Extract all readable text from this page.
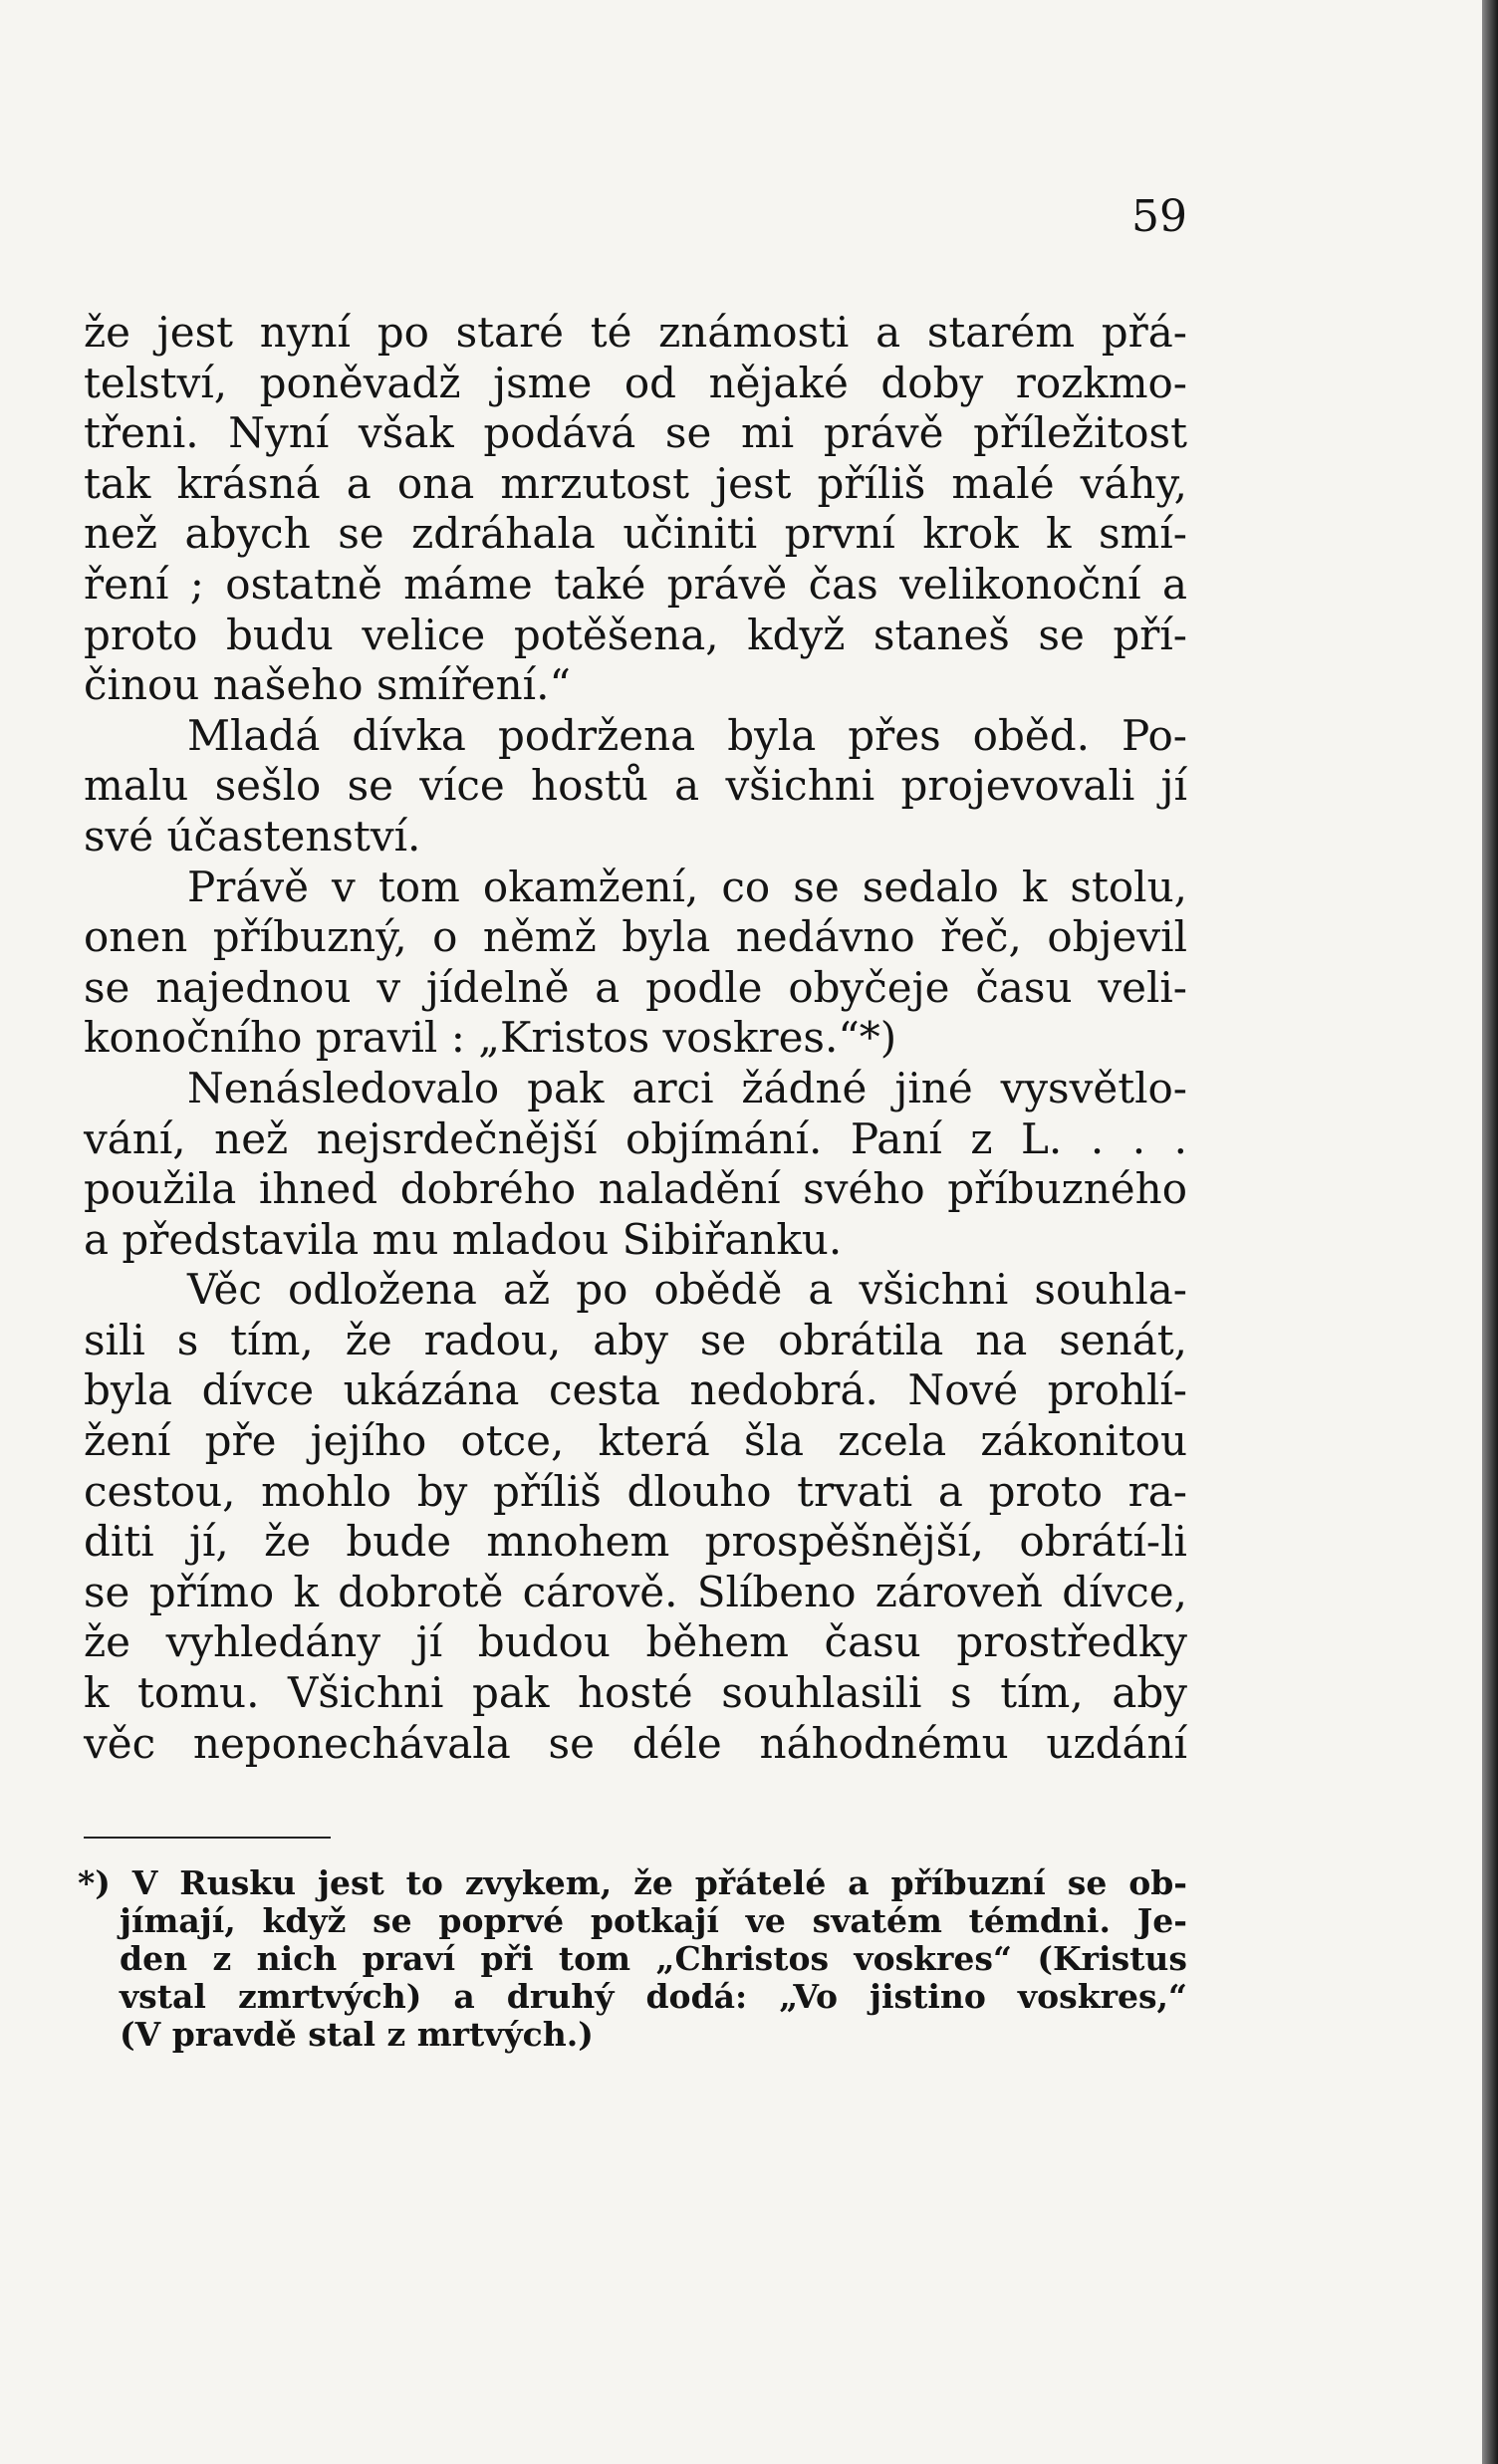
59
že jest nyní po staré té známosti a starém přá-
telství, poněvadž jsme od nějaké doby rozkmo-
třeni. Nyní však podává se mi právě příležitost
tak krásná a ona mrzutost jest příliš malé váhy,
než abych se zdráhala učiniti první krok k smí-
ření ; ostatně máme také právě čas velikonoční a
proto budu velice potěšena, když staneš se pří-
činou našeho smíření.“
Mladá dívka podržena byla přes oběd. Po-
malu sešlo se více hostů a všichni projevovali jí
své účastenství.
Právě v tom okamžení, co se sedalo k stolu,
onen příbuzný, o němž byla nedávno řeč, objevil
se najednou v jídelně a podle obyčeje času veli-
konočního pravil : „Kristos voskres.“*)
Nenásledovalo pak arci žádné jiné vysvětlo-
vání, než nejsrdečnější objímání. Paní z L. . . .
použila ihned dobrého naladění svého příbuzného
a představila mu mladou Sibiřanku.
Věc odložena až po obědě a všichni souhla-
sili s tím, že radou, aby se obrátila na senát,
byla dívce ukázána cesta nedobrá. Nové prohlí-
žení pře jejího otce, která šla zcela zákonitou
cestou, mohlo by příliš dlouho trvati a proto ra-
diti jí, že bude mnohem prospěšnější, obrátí-li
se přímo k dobrotě cárově. Slíbeno zároveň dívce,
že vyhledány jí budou během času prostředky
k tomu. Všichni pak hosté souhlasili s tím, aby
věc neponechávala se déle náhodnému uzdání
*) V Rusku jest to zvykem, že přátelé a příbuzní se ob-
jímají, když se poprvé potkají ve svatém témdni. Je-
den z nich praví při tom „Christos voskres“ (Kristus
vstal zmrtvých) a druhý dodá: „Vo jistino voskres,“
(V pravdě stal z mrtvých.)
